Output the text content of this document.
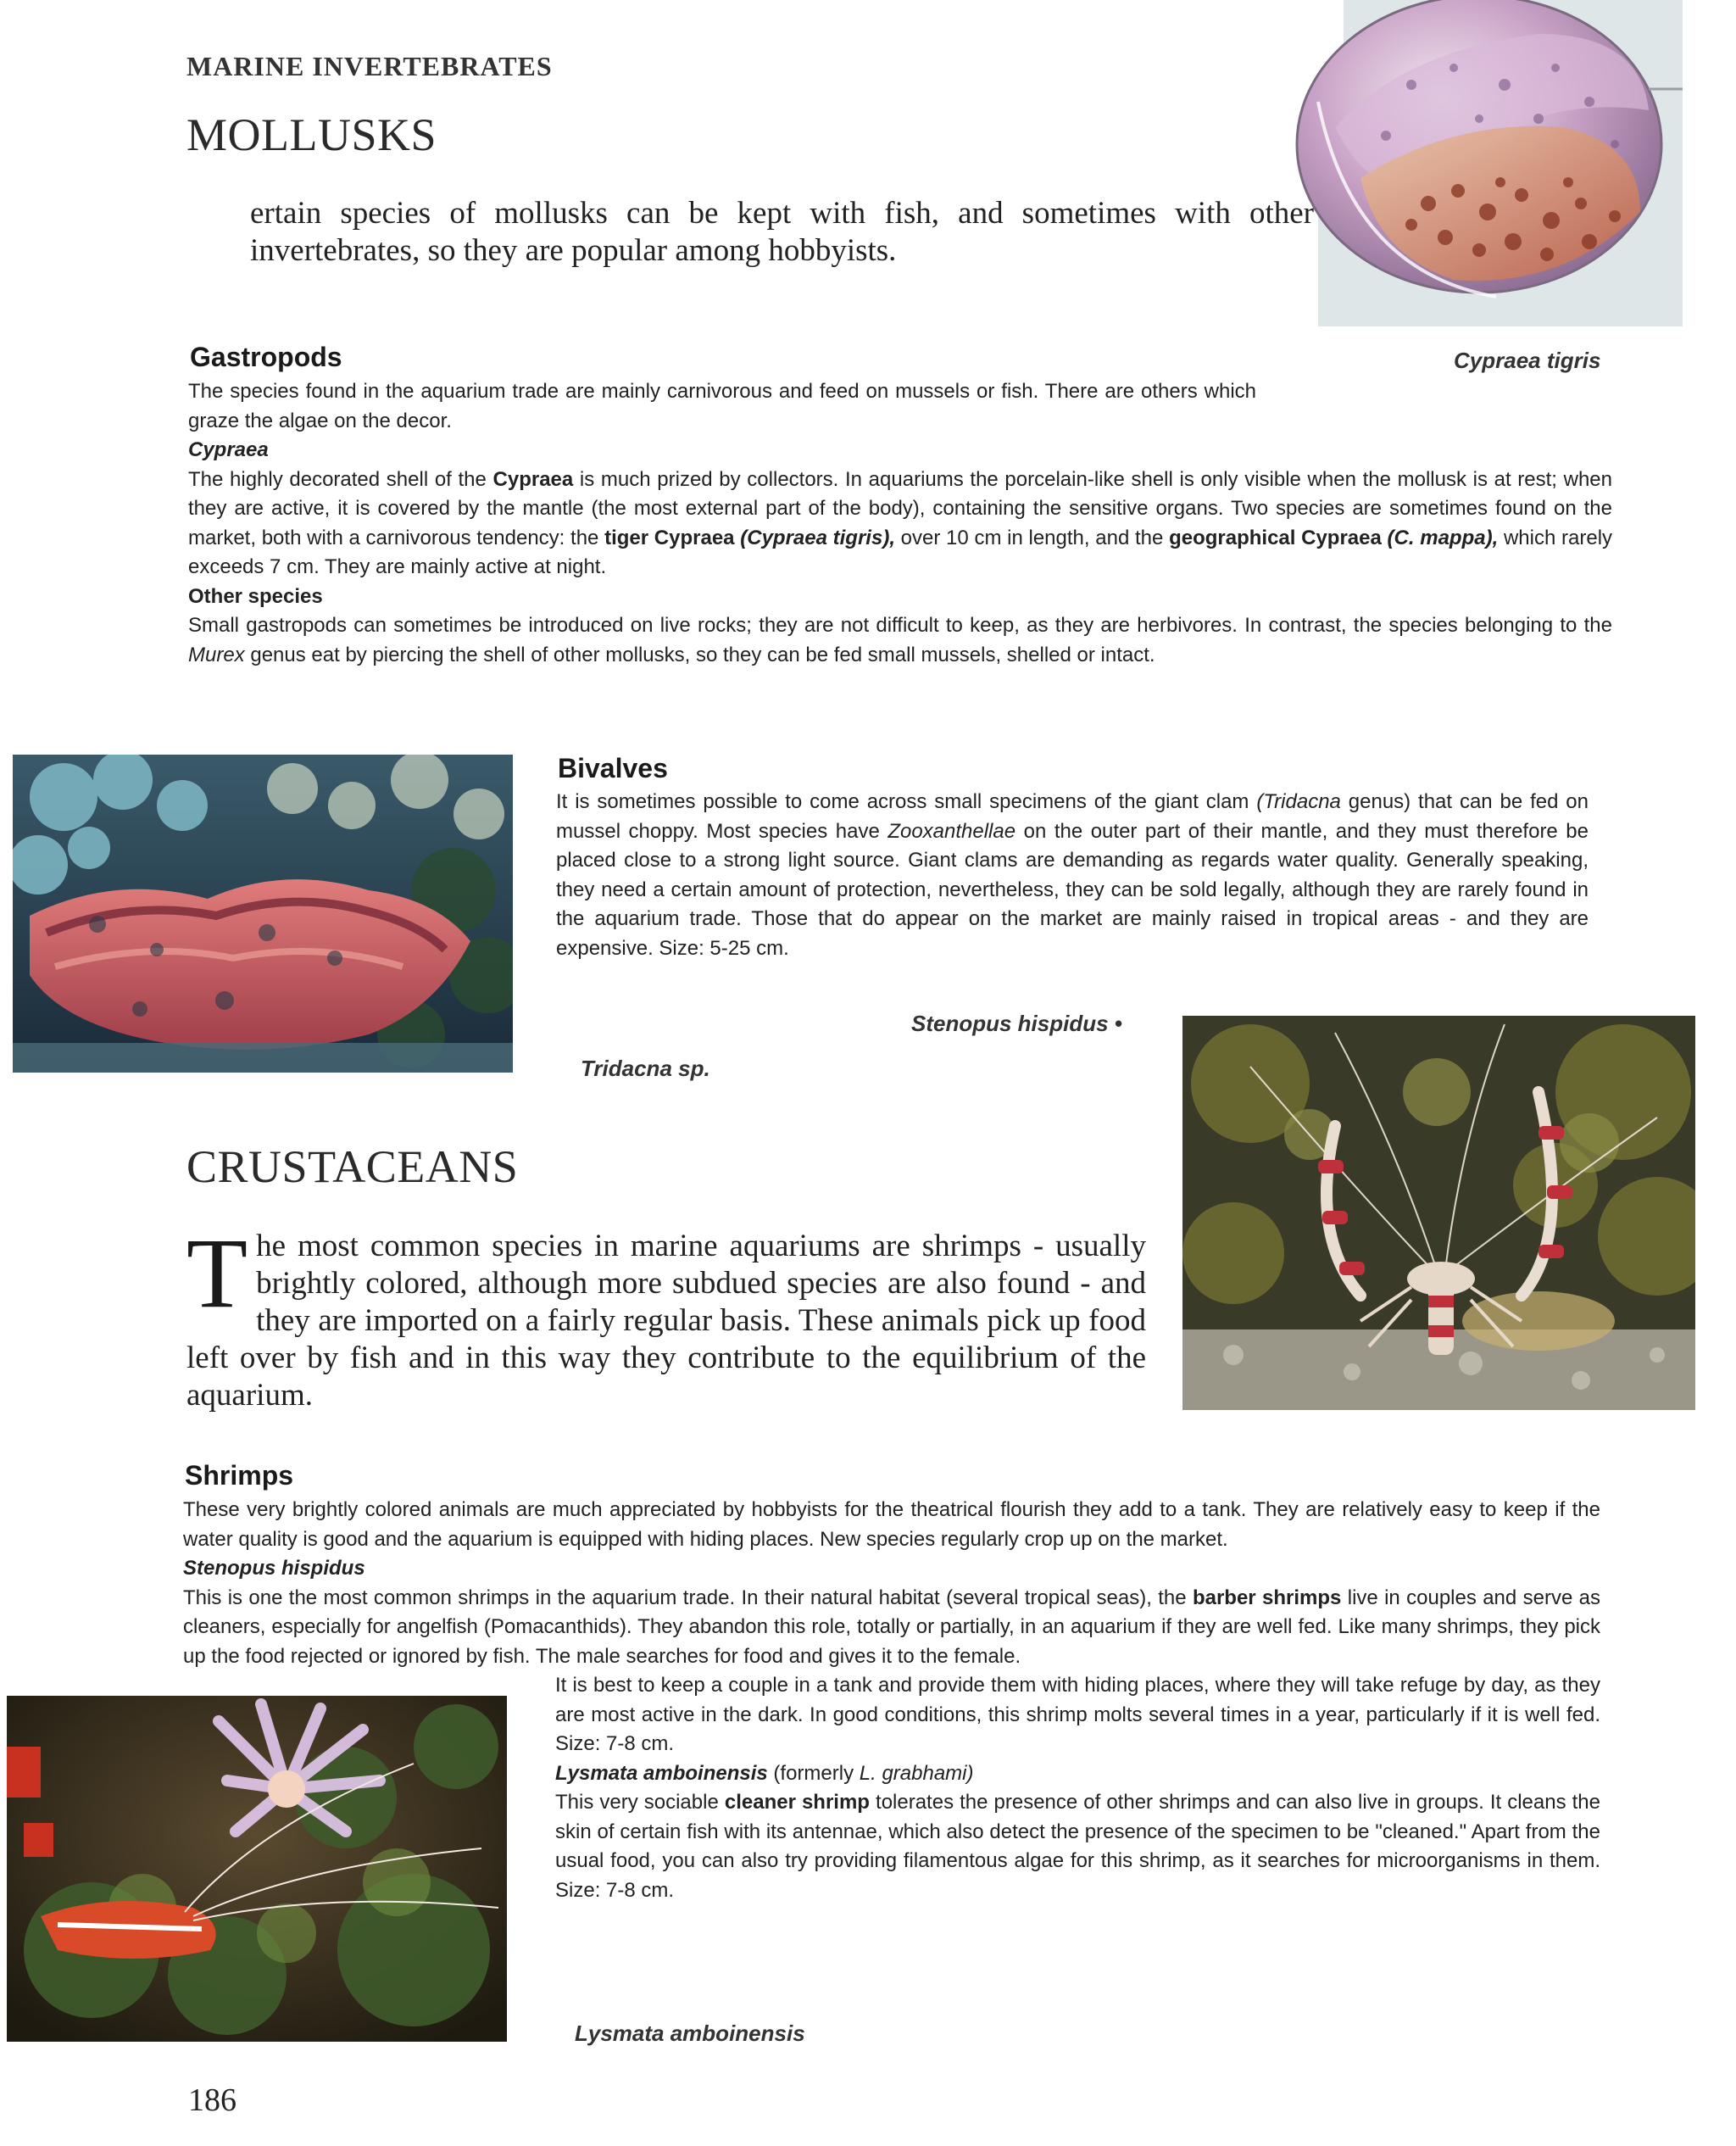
MARINE INVERTEBRATES
MOLLUSKS
ertain species of mollusks can be kept with fish, and sometimes with other invertebrates, so they are popular among hobbyists.
Gastropods	Cypraea tigris
The species found in the aquarium trade are mainly carnivorous and feed on mussels or fish. There are others which graze the algae on the decor.
Cypraea

The highly decorated shell of the Cypraea is much prized by collectors. In aquariums the porcelain-like shell is only visible when the mollusk is at rest; when they are active, it is covered by the mantle (the most external part of the body), containing the sensitive organs. Two species are sometimes found on the market, both with a carnivorous tendency: the tiger Cypraea (Cypraea tigris), over 10 cm in length, and the geographical Cypraea (C. mappa), which rarely exceeds 7 cm. They are mainly active at night.

Other species

Small gastropods can sometimes be introduced on live rocks; they are not difficult to keep, as they are herbivores. In contrast, the species belonging to the Murex genus eat by piercing the shell of other mollusks, so they can be fed small mussels, shelled or intact.

Bivalves
It is sometimes possible to come across small specimens of the giant clam (Tridacna genus) that can be fed on mussel choppy. Most species have Zooxanthellae on the outer part of their mantle, and they must therefore be placed close to a strong light source. Giant clams are demanding as regards water quality. Generally speaking, they need a certain amount of protection, nevertheless, they can be sold legally, although they are rarely found in the aquarium trade. Those that do appear on the market are mainly raised in tropical areas - and they are expensive. Size: 5-25 cm.
Stenopus hispidus •
Tridacna sp.
CRUSTACEANS
The most common species in marine aquariums are shrimps - usually brightly colored, although more subdued species are also found - and they are imported on a fairly regular basis. These animals pick up food left over by fish and in this way they contribute to the equilibrium of the aquarium.
Shrimps
These very brightly colored animals are much appreciated by hobbyists for the theatrical flourish they add to a tank. They are relatively easy to keep if the water quality is good and the aquarium is equipped with hiding places. New species regularly crop up on the market.
Stenopus hispidus

This is one the most common shrimps in the aquarium trade. In their natural habitat (several tropical seas), the barber shrimps live in couples and serve as cleaners, especially for angelfish (Pomacanthids). They abandon this role, totally or partially, in an aquarium if they are well fed. Like many shrimps, they pick up the food rejected or ignored by fish. The male searches for food and gives it to the female.

It is best to keep a couple in a tank and provide them with hiding places, where they will take refuge by day, as they are most active in the dark. In good conditions, this shrimp molts several times in a year, particularly if it is well fed. Size: 7-8 cm.

Lysmata amboinensis (formerly L. grabhami)

This very sociable cleaner shrimp tolerates the presence of other shrimps and can also live in groups. It cleans the skin of certain fish with its antennae, which also detect the presence of the specimen to be "cleaned." Apart from the usual food, you can also try providing filamentous algae for this shrimp, as it searches for microorganisms in them. Size: 7-8 cm.

Lysmata amboinensis
186
